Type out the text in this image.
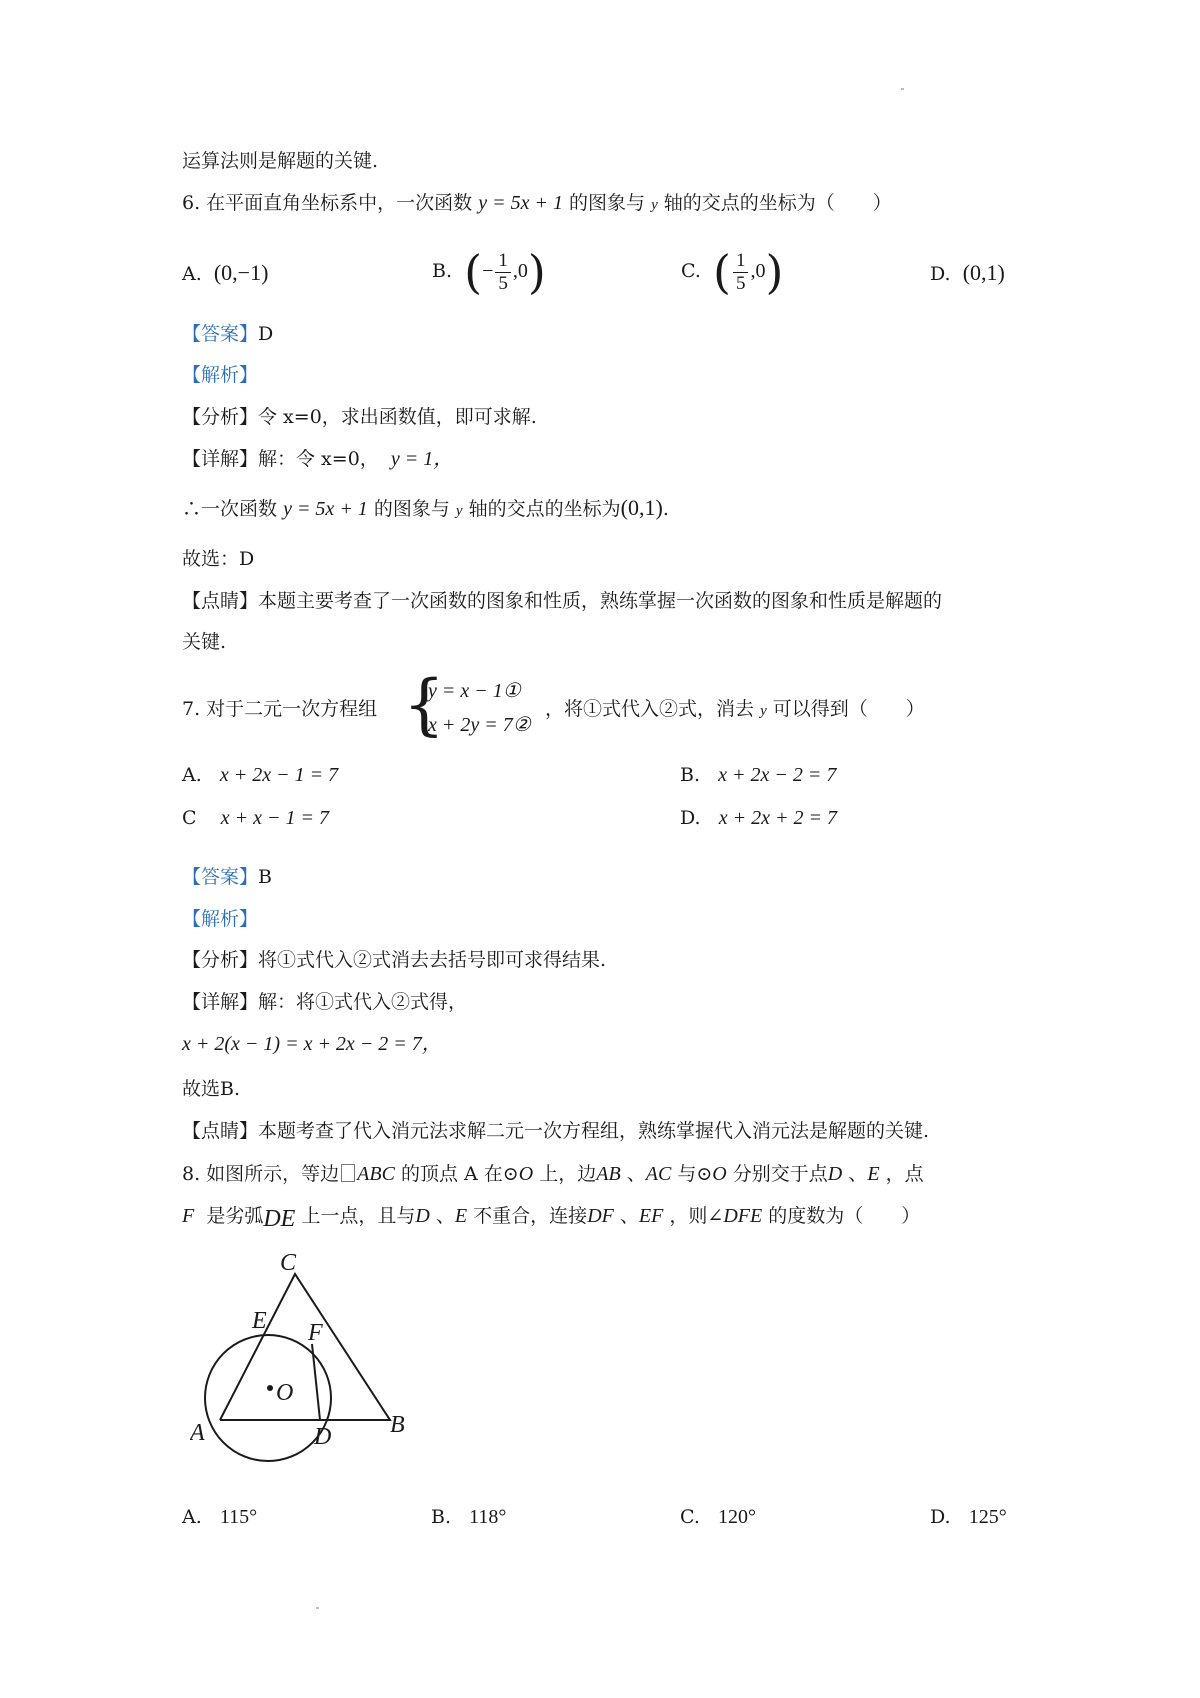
运算法则是解题的关键.
6. 在平面直角坐标系中，一次函数 y = 5x + 1 的图象与 y 轴的交点的坐标为（　　）
A. (0,−1)	B. (− $\frac{1}{5} ,0$)	C. ( $\frac{1}{5} ,0$)	D. (0,1)
【答案】D
【解析】
【分析】令 x=0，求出函数值，即可求解.
【详解】解：令 x=0， y = 1，
∴一次函数 y = 5x + 1 的图象与 y 轴的交点的坐标为(0,1).
故选：D
【点睛】本题主要考查了一次函数的图象和性质，熟练掌握一次函数的图象和性质是解题的
关键.
7. 对于二元一次方程组 {
y = x − 1①
x + 2y = 7②
，将①式代入②式，消去 y 可以得到（　　）
A. x + 2x − 1 = 7	B. x + 2x − 2 = 7
C x + x − 1 = 7	D. x + 2x + 2 = 7
【答案】B
【解析】
【分析】将①式代入②式消去去括号即可求得结果.
【详解】解：将①式代入②式得，
x + 2(x − 1) = x + 2x − 2 = 7，
故选B.
【点睛】本题考查了代入消元法求解二元一次方程组，熟练掌握代入消元法是解题的关键.
8. 如图所示，等边 ABC 的顶点 A 在⊙O 上，边AB 、AC 与⊙O 分别交于点D 、E ，点
F 是劣弧DE 上一点，且与D 、E 不重合，连接DF 、EF ，则∠DFE 的度数为（　　）
C
E F
O
A	D B
A. 115°	B. 118°	C. 120°	D. 125°
